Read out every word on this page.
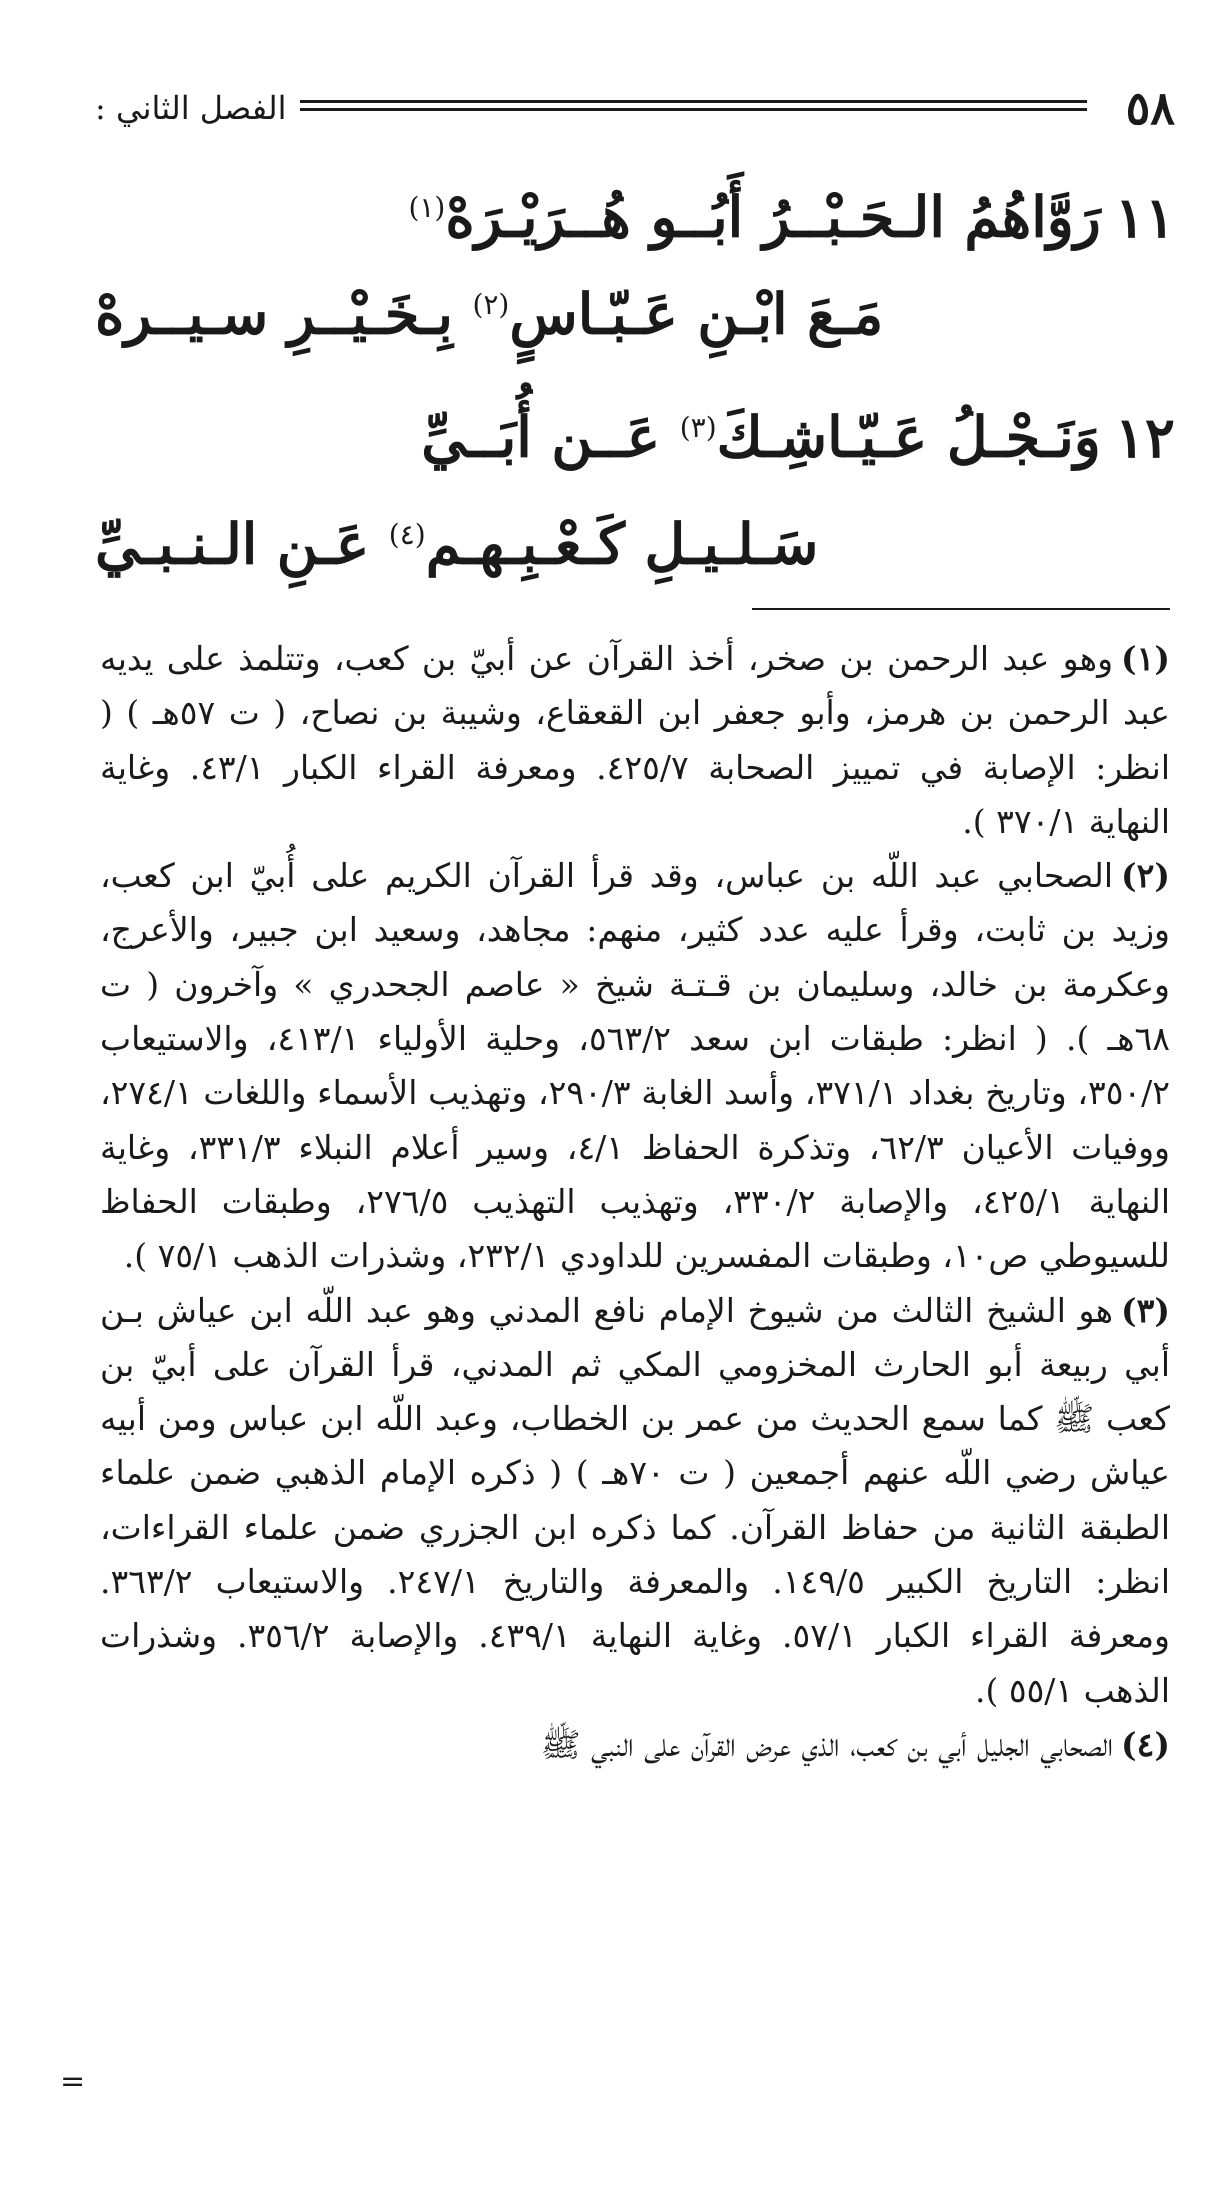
٥٨
الفصل الثاني :
١١رَوَّاهُمُ الـحَـبْــرُ أَبُــو هُــرَيْـرَهْ$^{(١)}$
مَـعَ ابْـنِ عَـبّـاسٍ$^{(٢)}$ بِـخَـيْــرِ سـيــرهْ
١٢وَنَـجْـلُ عَـيّـاشِـكَ$^{(٣)}$ عَــن أُبَــيِّ
سَـلـيـلِ كَـعْـبِـهـم$^{(٤)}$ عَـنِ الـنـبـيِّ

(١)وهو عبد الرحمن بن صخر، أخذ القرآن عن أبيّ بن كعب، وتتلمذ على يديه عبد الرحمن بن هرمز، وأبو جعفر ابن القعقاع، وشيبة بن نصاح، ( ت ٥٧هـ ) ( انظر: الإصابة في تمييز الصحابة ٤٢٥/٧. ومعرفة القراء الكبار ٤٣/١. وغاية النهاية ٣٧٠/١ ).

(٢)الصحابي عبد اللّه بن عباس، وقد قرأ القرآن الكريم على أُبيّ ابن كعب، وزيد بن ثابت، وقرأ عليه عدد كثير، منهم: مجاهد، وسعيد ابن جبير، والأعرج، وعكرمة بن خالد، وسليمان بن قـتـة شيخ « عاصم الجحدري » وآخرون ( ت ٦٨هـ ). ( انظر: طبقات ابن سعد ٥٦٣/٢، وحلية الأولياء ٤١٣/١، والاستيعاب ٣٥٠/٢، وتاريخ بغداد ٣٧١/١، وأسد الغابة ٢٩٠/٣، وتهذيب الأسماء واللغات ٢٧٤/١، ووفيات الأعيان ٦٢/٣، وتذكرة الحفاظ ٤/١، وسير أعلام النبلاء ٣٣١/٣، وغاية النهاية ٤٢٥/١، والإصابة ٣٣٠/٢، وتهذيب التهذيب ٢٧٦/٥، وطبقات الحفاظ للسيوطي ص١٠، وطبقات المفسرين للداودي ٢٣٢/١، وشذرات الذهب ٧٥/١ ).

(٣)هو الشيخ الثالث من شيوخ الإمام نافع المدني وهو عبد اللّه ابن عياش بـن أبي ربيعة أبو الحارث المخزومي المكي ثم المدني، قرأ القرآن على أبيّ بن كعب ﷺ كما سمع الحديث من عمر بن الخطاب، وعبد اللّه ابن عباس ومن أبيه عياش رضي اللّه عنهم أجمعين ( ت ٧٠هـ ) ( ذكره الإمام الذهبي ضمن علماء الطبقة الثانية من حفاظ القرآن. كما ذكره ابن الجزري ضمن علماء القراءات، انظر: التاريخ الكبير ١٤٩/٥. والمعرفة والتاريخ ٢٤٧/١. والاستيعاب ٣٦٣/٢. ومعرفة القراء الكبار ٥٧/١. وغاية النهاية ٤٣٩/١. والإصابة ٣٥٦/٢. وشذرات الذهب ٥٥/١ ).

(٤)الصحابي الجليل أبي بن كعب، الذي عرض القرآن على النبي ﷺ

=
